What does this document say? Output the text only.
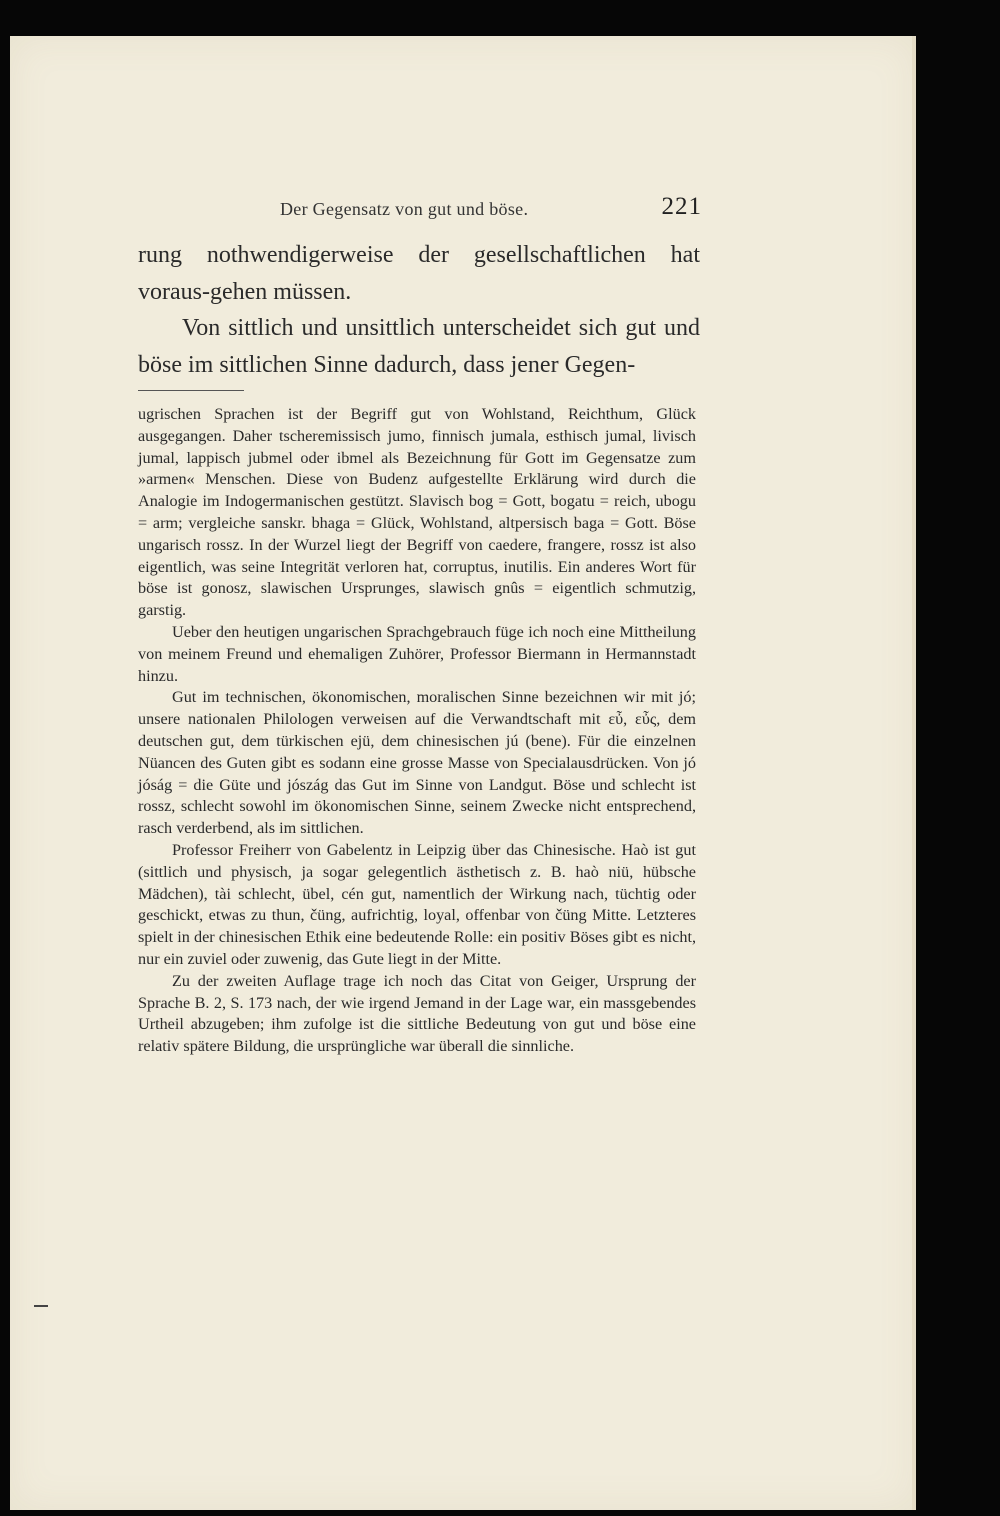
Der Gegensatz von gut und böse.	221

rung nothwendigerweise der gesellschaftlichen hat voraus-gehen müssen.

Von sittlich und unsittlich unterscheidet sich gut und böse im sittlichen Sinne dadurch, dass jener Gegen-

ugrischen Sprachen ist der Begriff gut von Wohlstand, Reichthum, Glück ausgegangen. Daher tscheremissisch jumo, finnisch jumala, esthisch jumal, livisch jumal, lappisch jubmel oder ibmel als Bezeichnung für Gott im Gegensatze zum »armen« Menschen. Diese von Budenz aufgestellte Erklärung wird durch die Analogie im Indogermanischen gestützt. Slavisch bog = Gott, bogatu = reich, ubogu = arm; vergleiche sanskr. bhaga = Glück, Wohlstand, altpersisch baga = Gott. Böse ungarisch rossz. In der Wurzel liegt der Begriff von caedere, frangere, rossz ist also eigentlich, was seine Integrität verloren hat, corruptus, inutilis. Ein anderes Wort für böse ist gonosz, slawischen Ursprunges, slawisch gnûs = eigentlich schmutzig, garstig.

Ueber den heutigen ungarischen Sprachgebrauch füge ich noch eine Mittheilung von meinem Freund und ehemaligen Zuhörer, Professor Biermann in Hermannstadt hinzu.

Gut im technischen, ökonomischen, moralischen Sinne bezeichnen wir mit jó; unsere nationalen Philologen verweisen auf die Verwandtschaft mit εὖ, εὖς, dem deutschen gut, dem türkischen ejü, dem chinesischen jú (bene). Für die einzelnen Nüancen des Guten gibt es sodann eine grosse Masse von Specialausdrücken. Von jó jóság = die Güte und jószág das Gut im Sinne von Landgut. Böse und schlecht ist rossz, schlecht sowohl im ökonomischen Sinne, seinem Zwecke nicht entsprechend, rasch verderbend, als im sittlichen.

Professor Freiherr von Gabelentz in Leipzig über das Chinesische. Haò ist gut (sittlich und physisch, ja sogar gelegentlich ästhetisch z. B. haò niü, hübsche Mädchen), tài schlecht, übel, cén gut, namentlich der Wirkung nach, tüchtig oder geschickt, etwas zu thun, čüng, aufrichtig, loyal, offenbar von čüng Mitte. Letzteres spielt in der chinesischen Ethik eine bedeutende Rolle: ein positiv Böses gibt es nicht, nur ein zuviel oder zuwenig, das Gute liegt in der Mitte.

Zu der zweiten Auflage trage ich noch das Citat von Geiger, Ursprung der Sprache B. 2, S. 173 nach, der wie irgend Jemand in der Lage war, ein massgebendes Urtheil abzugeben; ihm zufolge ist die sittliche Bedeutung von gut und böse eine relativ spätere Bildung, die ursprüngliche war überall die sinnliche.
